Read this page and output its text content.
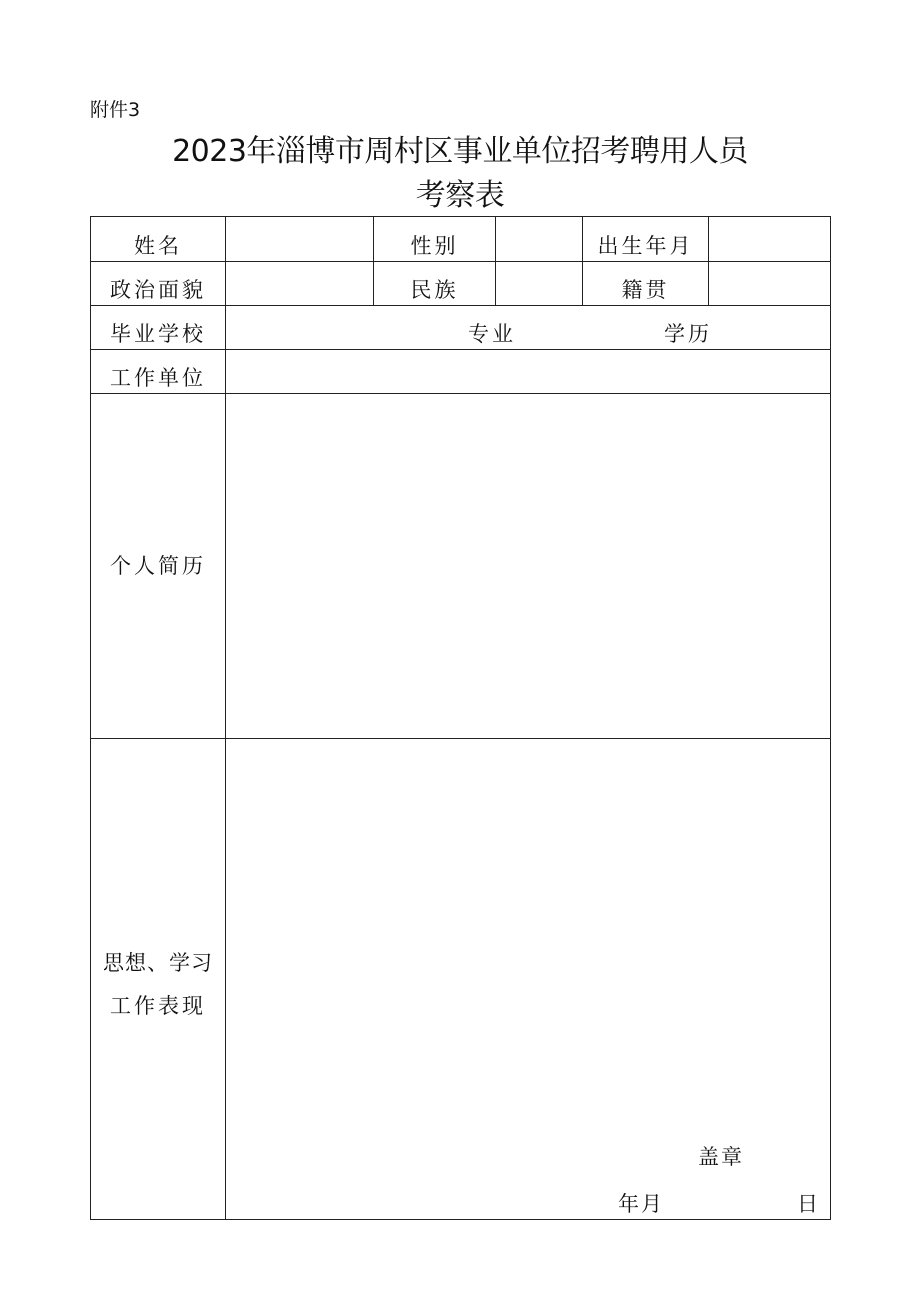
附件3
2023年淄博市周村区事业单位招考聘用人员
考察表
姓名	性别	出生年月
政治面貌	民族	籍贯
毕业学校	专业	学历
工作单位
个人简历
思想、学习
工作表现
盖章
年月	日
